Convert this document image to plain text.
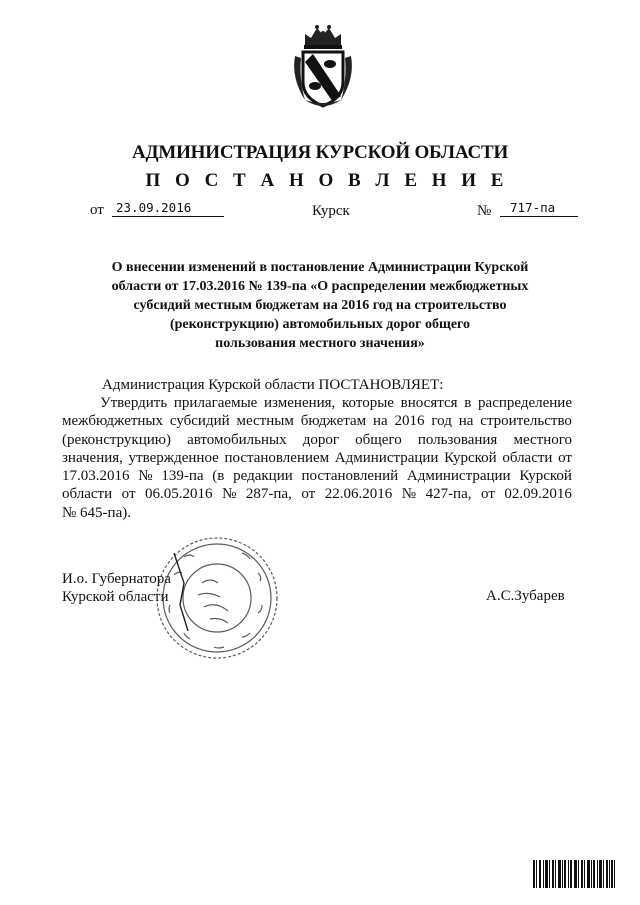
АДМИНИСТРАЦИЯ КУРСКОЙ ОБЛАСТИ
П О С Т А Н О В Л Е Н И Е
от 23.09.2016	Курск	№	717-па
О внесении изменений в постановление Администрации Курской
области от 17.03.2016 № 139-па «О распределении межбюджетных
субсидий местным бюджетам на 2016 год на строительство
(реконструкцию) автомобильных дорог общего
пользования местного значения»
Администрация Курской области ПОСТАНОВЛЯЕТ:
Утвердить прилагаемые изменения, которые вносятся в распределение
межбюджетных субсидий местным бюджетам на 2016 год на строительство
(реконструкцию) автомобильных дорог общего пользования местного
значения, утвержденное постановлением Администрации Курской области от
17.03.2016 № 139-па (в редакции постановлений Администрации Курской
области от 06.05.2016 № 287-па, от 22.06.2016 № 427-па, от 02.09.2016
№ 645-па).
И.о. Губернатора
Курской области	А.С.Зубарев
